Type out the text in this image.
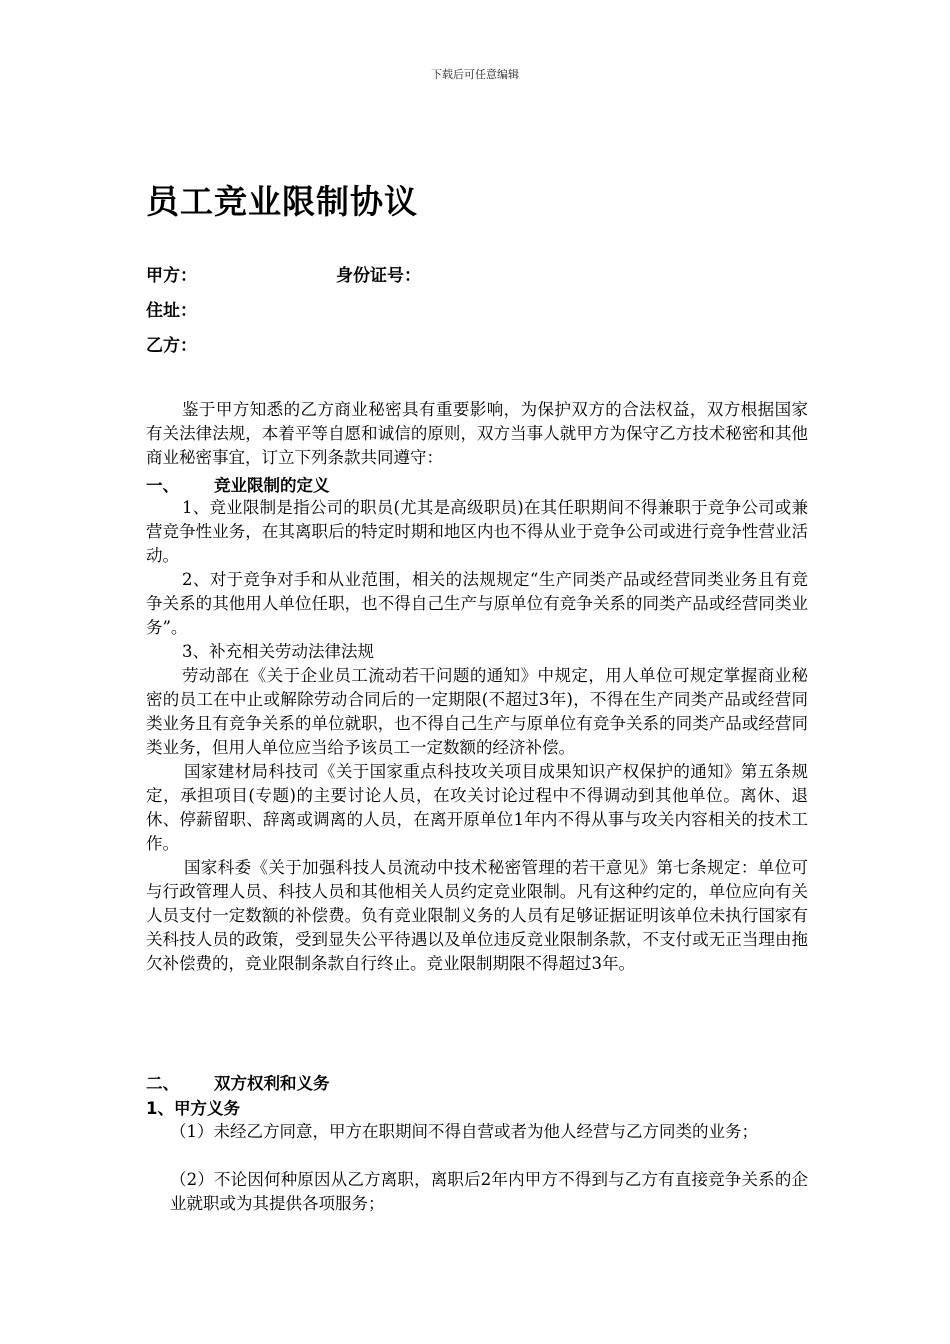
下载后可任意编辑
员工竞业限制协议
甲方：	身份证号：
住址：
乙方：

鉴于甲方知悉的乙方商业秘密具有重要影响，为保护双方的合法权益，双方根据国家有关法律法规，本着平等自愿和诚信的原则，双方当事人就甲方为保守乙方技术秘密和其他商业秘密事宜，订立下列条款共同遵守：

一、 竞业限制的定义

1、竞业限制是指公司的职员(尤其是高级职员)在其任职期间不得兼职于竞争公司或兼营竞争性业务，在其离职后的特定时期和地区内也不得从业于竞争公司或进行竞争性营业活动。

2、对于竞争对手和从业范围，相关的法规规定“生产同类产品或经营同类业务且有竞争关系的其他用人单位任职，也不得自己生产与原单位有竞争关系的同类产品或经营同类业务”。

3、补充相关劳动法律法规

劳动部在《关于企业员工流动若干问题的通知》中规定，用人单位可规定掌握商业秘密的员工在中止或解除劳动合同后的一定期限(不超过3年)，不得在生产同类产品或经营同类业务且有竞争关系的单位就职，也不得自己生产与原单位有竞争关系的同类产品或经营同类业务，但用人单位应当给予该员工一定数额的经济补偿。

国家建材局科技司《关于国家重点科技攻关项目成果知识产权保护的通知》第五条规定，承担项目(专题)的主要讨论人员，在攻关讨论过程中不得调动到其他单位。离休、退休、停薪留职、辞离或调离的人员，在离开原单位1年内不得从事与攻关内容相关的技术工作。

国家科委《关于加强科技人员流动中技术秘密管理的若干意见》第七条规定：单位可与行政管理人员、科技人员和其他相关人员约定竞业限制。凡有这种约定的，单位应向有关人员支付一定数额的补偿费。负有竞业限制义务的人员有足够证据证明该单位未执行国家有关科技人员的政策，受到显失公平待遇以及单位违反竞业限制条款，不支付或无正当理由拖欠补偿费的，竞业限制条款自行终止。竞业限制期限不得超过3年。

二、 双方权利和义务
1、甲方义务

（1）未经乙方同意，甲方在职期间不得自营或者为他人经营与乙方同类的业务；

（2）不论因何种原因从乙方离职，离职后2年内甲方不得到与乙方有直接竞争关系的企业就职或为其提供各项服务；
